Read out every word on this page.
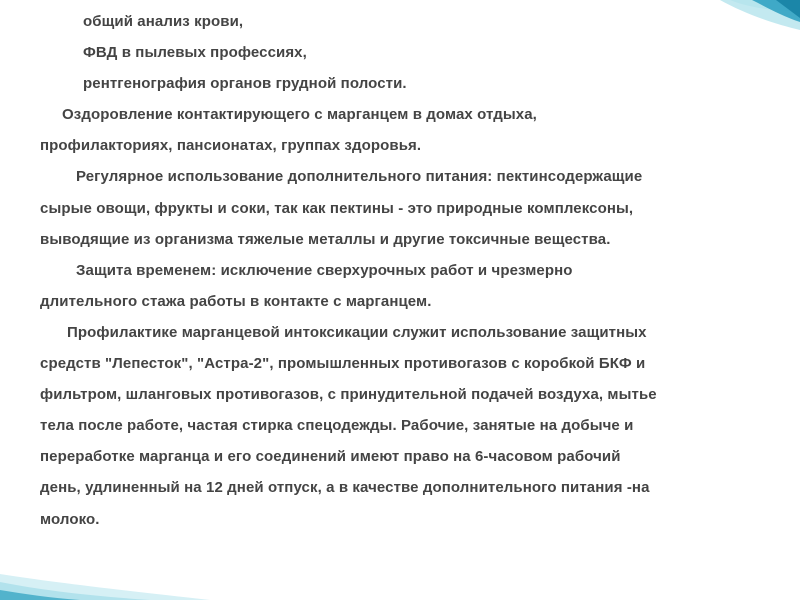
общий анализ крови,
ФВД в пылевых профессиях,
рентгенография органов грудной полости.
Оздоровление контактирующего с марганцем в домах отдыха,
профилакториях, пансионатах, группах здоровья.
Регулярное использование дополнительного питания: пектинсодержащие
сырые овощи, фрукты и соки, так как пектины - это природные комплексоны,
выводящие из организма тяжелые металлы и другие токсичные вещества.
Защита временем: исключение сверхурочных работ и чрезмерно
длительного стажа работы в контакте с марганцем.
Профилактике марганцевой интоксикации служит использование защитных
средств "Лепесток", "Астра-2", промышленных противогазов с коробкой БКФ и
фильтром, шланговых противогазов, с принудительной подачей воздуха, мытье
тела после работе, частая стирка спецодежды. Рабочие, занятые на добыче и
переработке марганца и его соединений имеют право на 6-часовом рабочий
день, удлиненный на 12 дней отпуск, а в качестве дополнительного питания -на
молоко.
